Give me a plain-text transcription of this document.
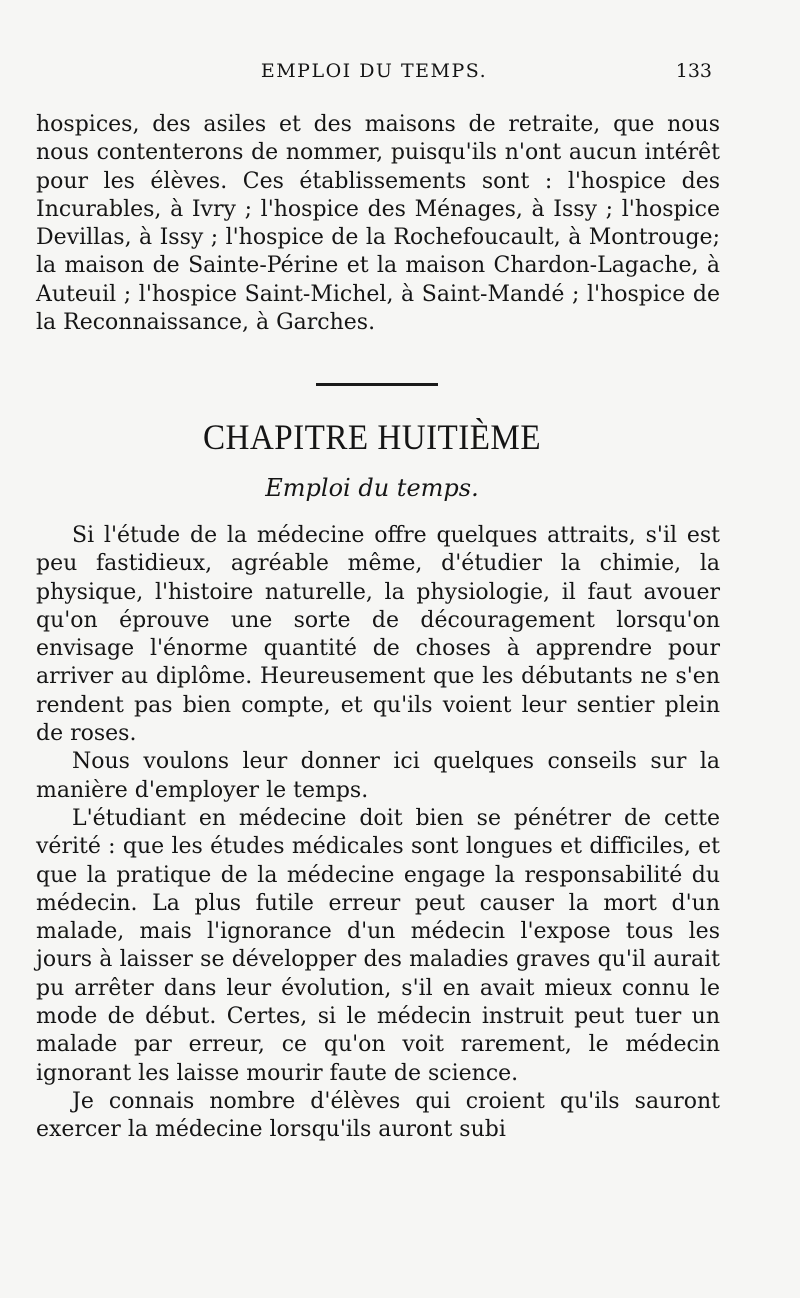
EMPLOI DU TEMPS.	133

hospices, des asiles et des maisons de retraite, que nous nous contenterons de nommer, puisqu'ils n'ont aucun intérêt pour les élèves. Ces établissements sont : l'hospice des Incurables, à Ivry ; l'hospice des Ménages, à Issy ; l'hospice Devillas, à Issy ; l'hospice de la Rochefoucault, à Montrouge; la maison de Sainte-Périne et la maison Chardon-Lagache, à Auteuil ; l'hospice Saint-Michel, à Saint-Mandé ; l'hospice de la Reconnaissance, à Garches.

CHAPITRE HUITIÈME
Emploi du temps.

Si l'étude de la médecine offre quelques attraits, s'il est peu fastidieux, agréable même, d'étudier la chimie, la physique, l'histoire naturelle, la physiologie, il faut avouer qu'on éprouve une sorte de découragement lorsqu'on envisage l'énorme quantité de choses à apprendre pour arriver au diplôme. Heureusement que les débutants ne s'en rendent pas bien compte, et qu'ils voient leur sentier plein de roses.

Nous voulons leur donner ici quelques conseils sur la manière d'employer le temps.

L'étudiant en médecine doit bien se pénétrer de cette vérité : que les études médicales sont longues et difficiles, et que la pratique de la médecine engage la responsabilité du médecin. La plus futile erreur peut causer la mort d'un malade, mais l'ignorance d'un médecin l'expose tous les jours à laisser se développer des maladies graves qu'il aurait pu arrêter dans leur évolution, s'il en avait mieux connu le mode de début. Certes, si le médecin instruit peut tuer un malade par erreur, ce qu'on voit rarement, le médecin ignorant les laisse mourir faute de science.

Je connais nombre d'élèves qui croient qu'ils sauront exercer la médecine lorsqu'ils auront subi
